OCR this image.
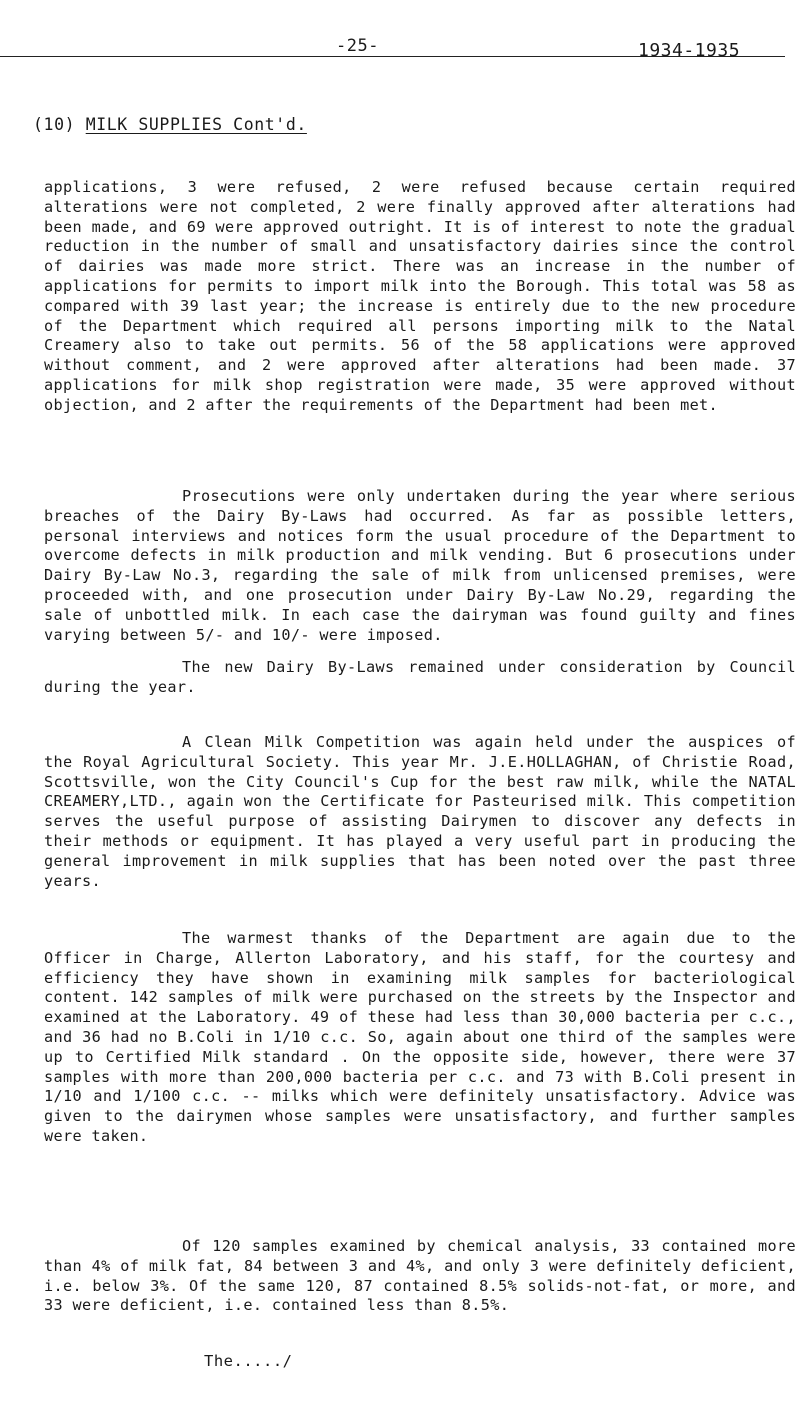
-25-	1934-1935
(10) MILK SUPPLIES Cont'd.

applications, 3 were refused, 2 were refused because certain required alterations were not completed, 2 were finally approved after alterations had been made, and 69 were approved outright. It is of interest to note the gradual reduction in the number of small and unsatisfactory dairies since the control of dairies was made more strict. There was an increase in the number of applications for permits to import milk into the Borough. This total was 58 as compared with 39 last year; the increase is entirely due to the new procedure of the Department which required all persons importing milk to the Natal Creamery also to take out permits. 56 of the 58 applications were approved without comment, and 2 were approved after alterations had been made. 37 applications for milk shop registration were made, 35 were approved without objection, and 2 after the requirements of the Department had been met.

Prosecutions were only undertaken during the year where serious breaches of the Dairy By-Laws had occurred. As far as possible letters, personal interviews and notices form the usual procedure of the Department to overcome defects in milk production and milk vending. But 6 prosecutions under Dairy By-Law No.3, regarding the sale of milk from unlicensed premises, were proceeded with, and one prosecution under Dairy By-Law No.29, regarding the sale of unbottled milk. In each case the dairyman was found guilty and fines varying between 5/- and 10/- were imposed.

The new Dairy By-Laws remained under consideration by Council during the year.

A Clean Milk Competition was again held under the auspices of the Royal Agricultural Society. This year Mr. J.E.HOLLAGHAN, of Christie Road, Scottsville, won the City Council's Cup for the best raw milk, while the NATAL CREAMERY,LTD., again won the Certificate for Pasteurised milk. This competition serves the useful purpose of assisting Dairymen to discover any defects in their methods or equipment. It has played a very useful part in producing the general improvement in milk supplies that has been noted over the past three years.

The warmest thanks of the Department are again due to the Officer in Charge, Allerton Laboratory, and his staff, for the courtesy and efficiency they have shown in examining milk samples for bacteriological content. 142 samples of milk were purchased on the streets by the Inspector and examined at the Laboratory. 49 of these had less than 30,000 bacteria per c.c., and 36 had no B.Coli in 1/10 c.c. So, again about one third of the samples were up to Certified Milk standard . On the opposite side, however, there were 37 samples with more than 200,000 bacteria per c.c. and 73 with B.Coli present in 1/10 and 1/100 c.c. -- milks which were definitely unsatisfactory. Advice was given to the dairymen whose samples were unsatisfactory, and further samples were taken.

Of 120 samples examined by chemical analysis, 33 contained more than 4% of milk fat, 84 between 3 and 4%, and only 3 were definitely deficient, i.e. below 3%. Of the same 120, 87 contained 8.5% solids-not-fat, or more, and 33 were deficient, i.e. contained less than 8.5%.

The...../
